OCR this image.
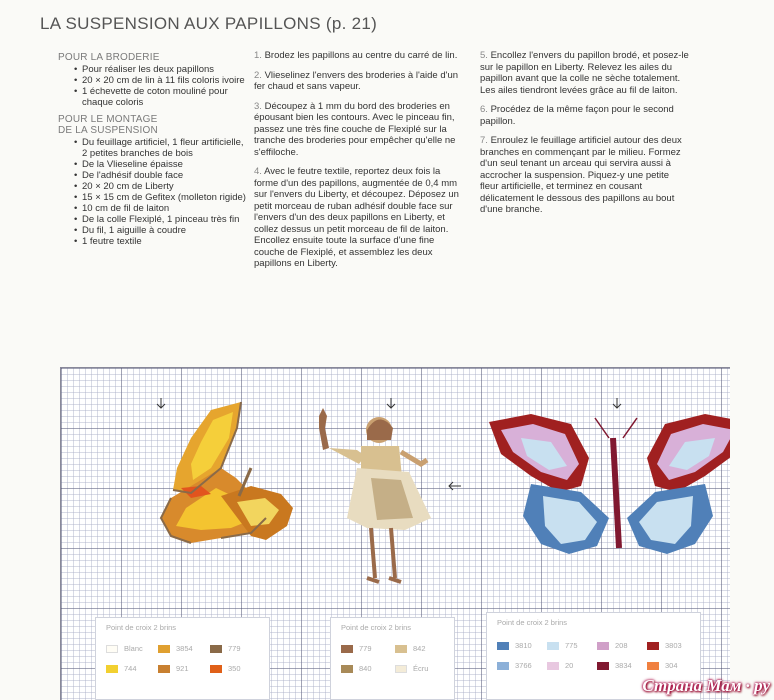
LA SUSPENSION AUX PAPILLONS (p. 21)
POUR LA BRODERIE
• Pour réaliser les deux papillons
• 20 × 20 cm de lin à 11 fils coloris ivoire
• 1 échevette de coton mouliné pour chaque coloris
POUR LE MONTAGE
DE LA SUSPENSION
• Du feuillage artificiel, 1 fleur artificielle, 2 petites branches de bois
• De la Vlieseline épaisse
• De l'adhésif double face
• 20 × 20 cm de Liberty
• 15 × 15 cm de Gefitex (molleton rigide)
• 10 cm de fil de laiton
• De la colle Flexiplé, 1 pinceau très fin
• Du fil, 1 aiguille à coudre
• 1 feutre textile

1. Brodez les papillons au centre du carré de lin.

2. Vlieselinez l'envers des broderies à l'aide d'un fer chaud et sans vapeur.

3. Découpez à 1 mm du bord des broderies en épousant bien les contours. Avec le pinceau fin, passez une très fine couche de Flexiplé sur la tranche des broderies pour empêcher qu'elle ne s'effiloche.

4. Avec le feutre textile, reportez deux fois la forme d'un des papillons, augmentée de 0,4 mm sur l'envers du Liberty, et découpez. Déposez un petit morceau de ruban adhésif double face sur l'envers d'un des deux papillons en Liberty, et collez dessus un petit morceau de fil de laiton. Encollez ensuite toute la surface d'une fine couche de Flexiplé, et assemblez les deux papillons en Liberty.

5. Encollez l'envers du papillon brodé, et posez-le sur le papillon en Liberty. Relevez les ailes du papillon avant que la colle ne sèche totalement. Les ailes tiendront levées grâce au fil de laiton.

6. Procédez de la même façon pour le second papillon.

7. Enroulez le feuillage artificiel autour des deux branches en commençant par le milieu. Formez d'un seul tenant un arceau qui servira aussi à accrocher la suspension. Piquez-y une petite fleur artificielle, et terminez en cousant délicatement le dessous des papillons au bout d'une branche.

Point de croix 2 brins
Blanc	3854	779
744	921	350
Point de croix 2 brins
779	842
840	Écru
Point de croix 2 brins
3810	775	208	3803
3766	20	3834	304
Страна Мам · ру
